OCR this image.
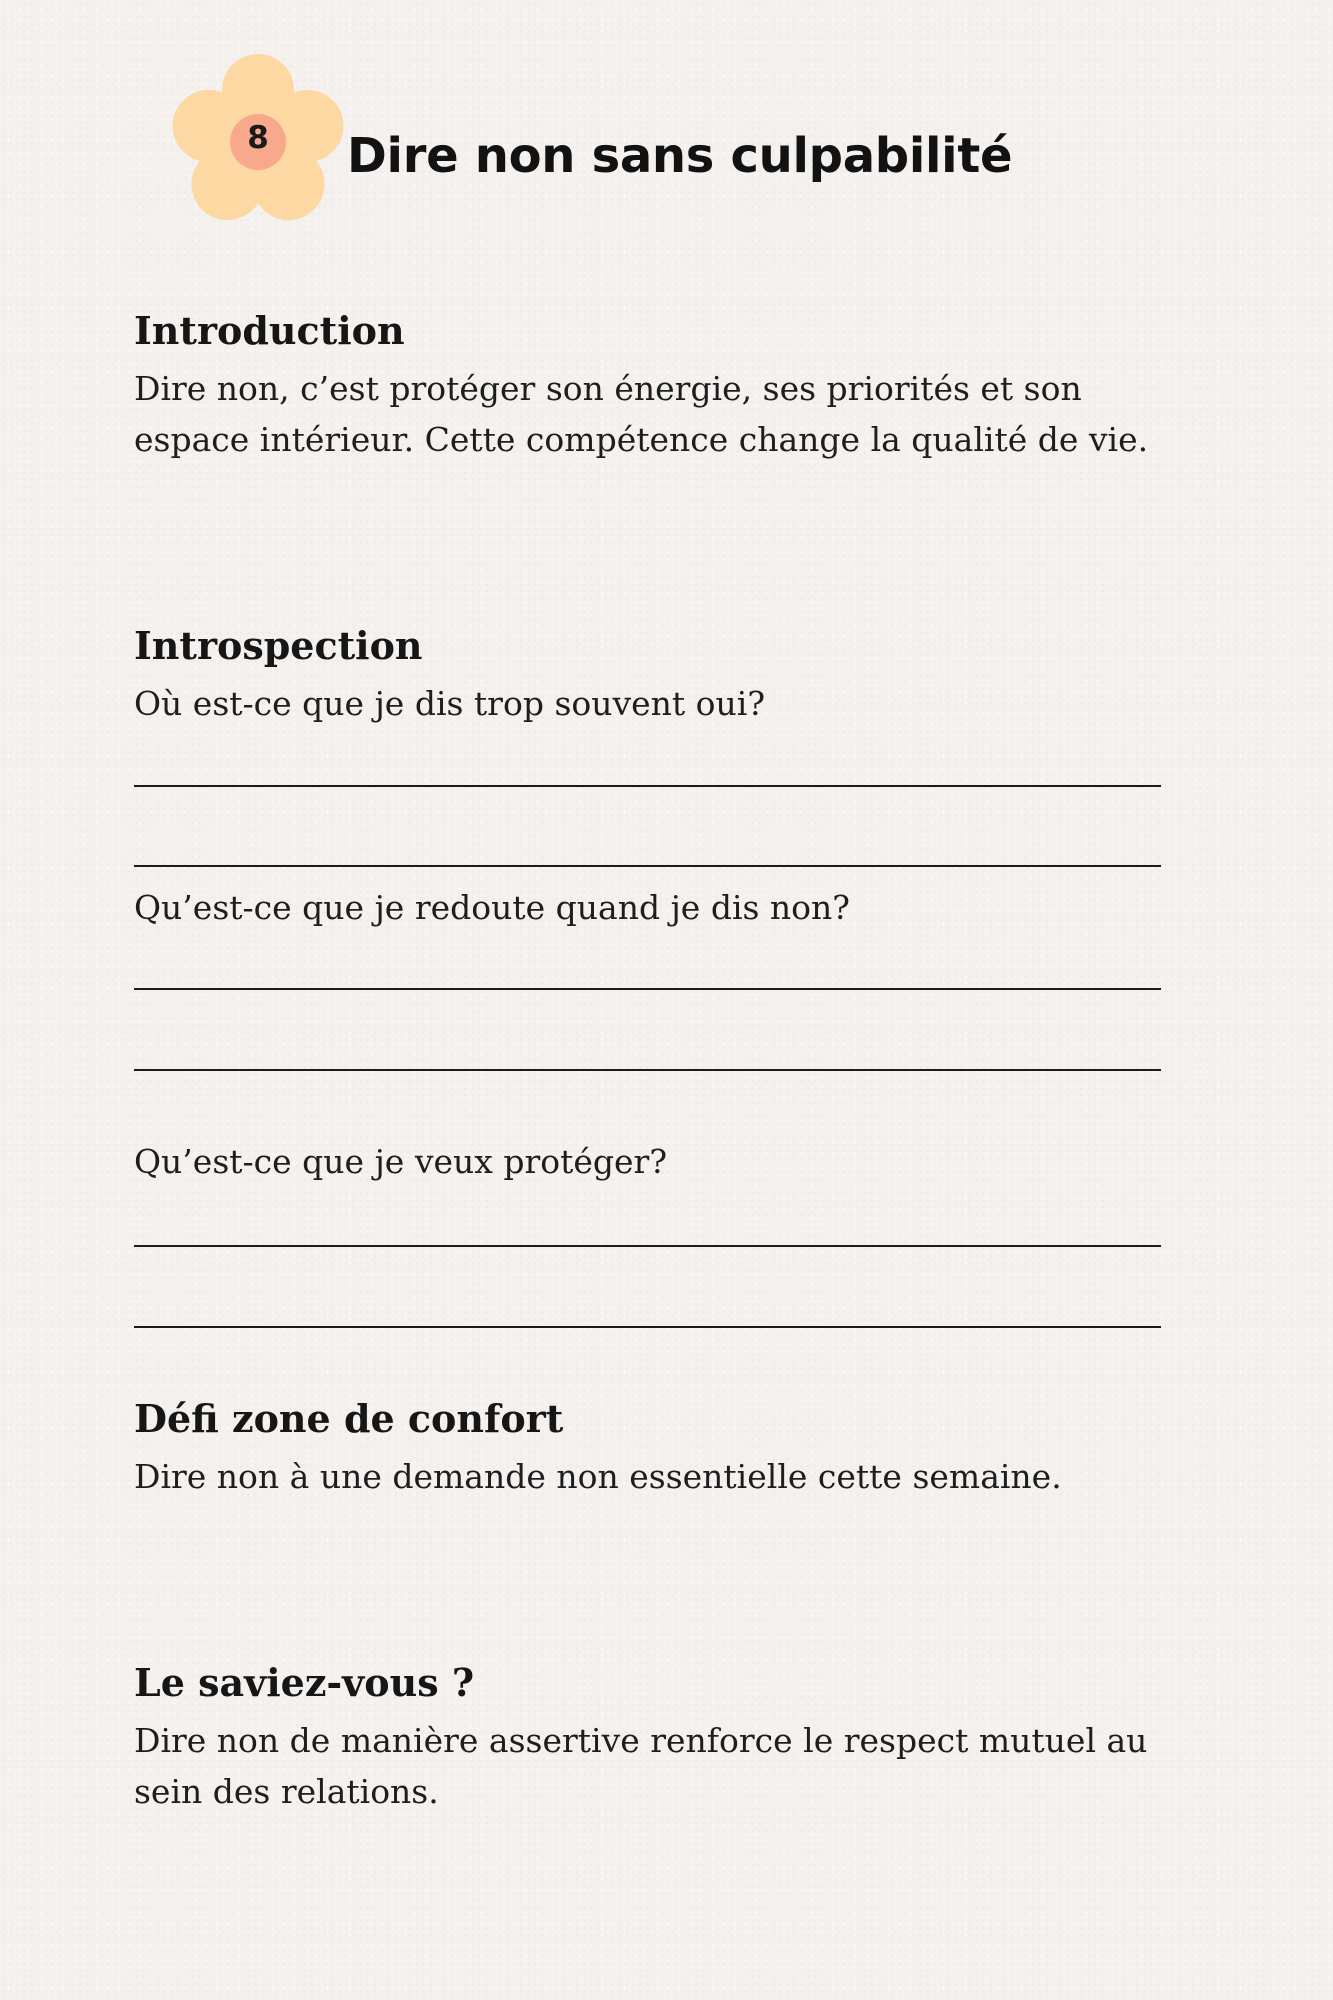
8	Dire non sans culpabilité
Introduction

Dire non, c’est protéger son énergie, ses priorités et son espace intérieur. Cette compétence change la qualité de vie.

Introspection

Où est-ce que je dis trop souvent oui?

Qu’est-ce que je redoute quand je dis non?

Qu’est-ce que je veux protéger?

Défi zone de confort

Dire non à une demande non essentielle cette semaine.

Le saviez-vous ?

Dire non de manière assertive renforce le respect mutuel au sein des relations.
